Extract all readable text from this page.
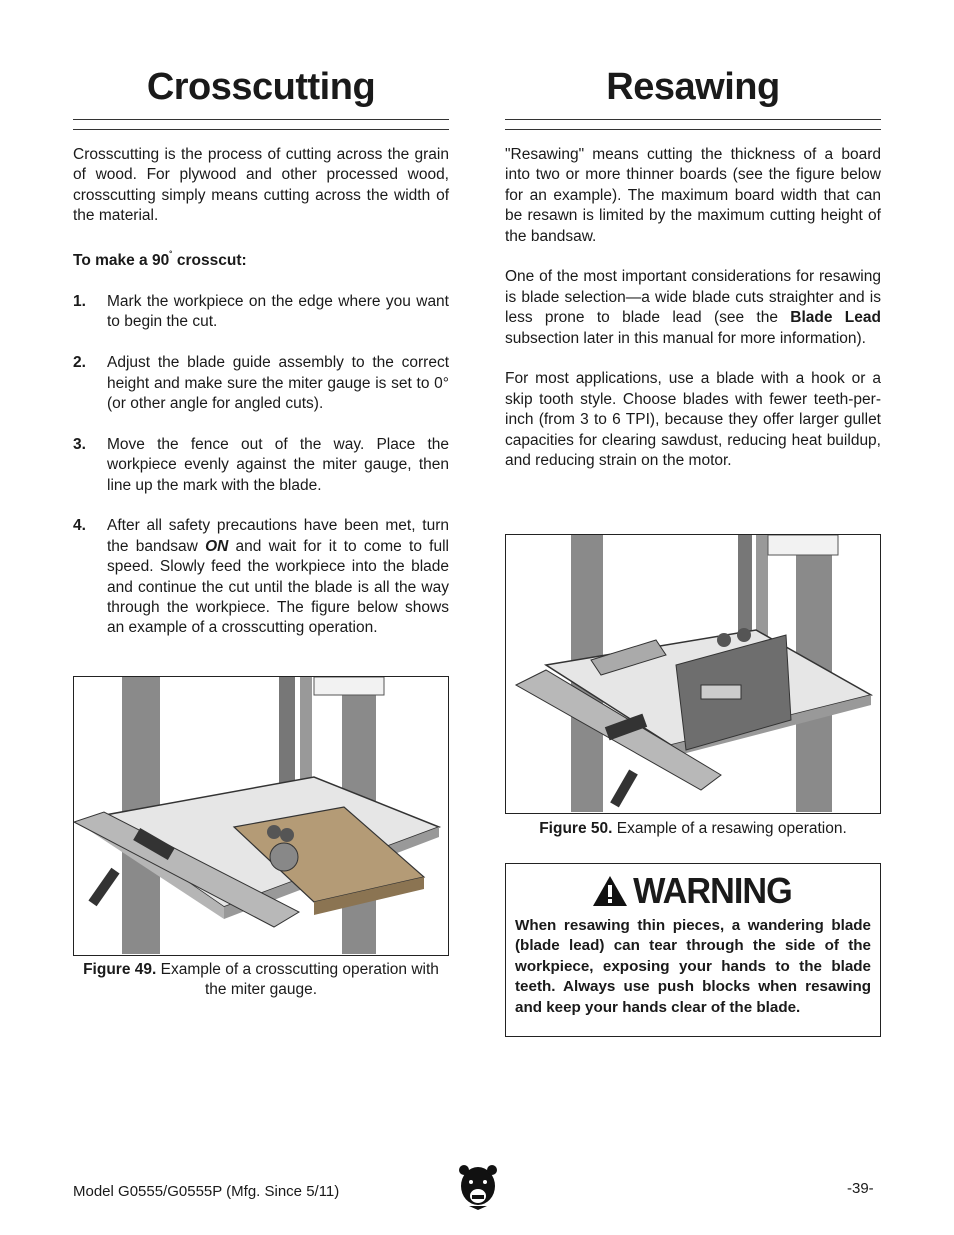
Crosscutting

Crosscutting is the process of cutting across the grain of wood. For plywood and other processed wood, crosscutting simply means cutting across the width of the material.

To make a 90˚ crosscut:

1.	Mark the workpiece on the edge where you want to begin the cut.
2.	Adjust the blade guide assembly to the correct height and make sure the miter gauge is set to 0° (or other angle for angled cuts).
3.	Move the fence out of the way. Place the workpiece evenly against the miter gauge, then line up the mark with the blade.
4.	After all safety precautions have been met, turn the bandsaw ON and wait for it to come to full speed. Slowly feed the workpiece into the blade and continue the cut until the blade is all the way through the workpiece. The figure below shows an example of a crosscutting operation.
Figure 49. Example of a crosscutting operation with the miter gauge.
Resawing

"Resawing" means cutting the thickness of a board into two or more thinner boards (see the figure below for an example). The maximum board width that can be resawn is limited by the maximum cutting height of the bandsaw.

One of the most important considerations for resawing is blade selection—a wide blade cuts straighter and is less prone to blade lead (see the Blade Lead subsection later in this manual for more information).

For most applications, use a blade with a hook or a skip tooth style. Choose blades with fewer teeth-per-inch (from 3 to 6 TPI), because they offer larger gullet capacities for clearing sawdust, reducing heat buildup, and reducing strain on the motor.

Figure 50. Example of a resawing operation.
WARNING
When resawing thin pieces, a wandering blade (blade lead) can tear through the side of the workpiece, exposing your hands to the blade teeth. Always use push blocks when resawing and keep your hands clear of the blade.
Model G0555/G0555P (Mfg. Since 5/11)	-39-
